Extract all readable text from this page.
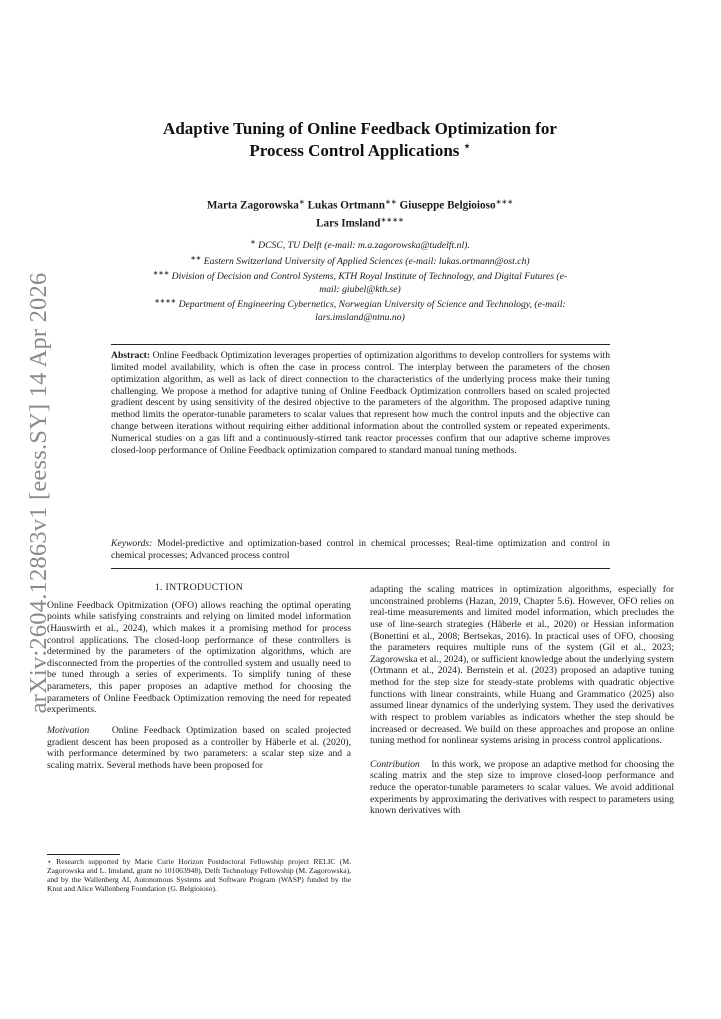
arXiv:2604.12863v1 [eess.SY] 14 Apr 2026
Adaptive Tuning of Online Feedback Optimization for Process Control Applications ⋆
Marta Zagorowska∗ Lukas Ortmann∗∗ Giuseppe Belgioioso∗∗∗
Lars Imsland∗∗∗∗

∗ DCSC, TU Delft (e-mail: m.a.zagorowska@tudelft.nl).

∗∗ Eastern Switzerland University of Applied Sciences (e-mail: lukas.ortmann@ost.ch)

∗∗∗ Division of Decision and Control Systems, KTH Royal Institute of Technology, and Digital Futures (e-mail: giubel@kth.se)

∗∗∗∗ Department of Engineering Cybernetics, Norwegian University of Science and Technology, (e-mail: lars.imsland@ntnu.no)

Abstract: Online Feedback Optimization leverages properties of optimization algorithms to develop controllers for systems with limited model availability, which is often the case in process control. The interplay between the parameters of the chosen optimization algorithm, as well as lack of direct connection to the characteristics of the underlying process make their tuning challenging. We propose a method for adaptive tuning of Online Feedback Optimization controllers based on scaled projected gradient descent by using sensitivity of the desired objective to the parameters of the algorithm. The proposed adaptive tuning method limits the operator-tunable parameters to scalar values that represent how much the control inputs and the objective can change between iterations without requiring either additional information about the controlled system or repeated experiments. Numerical studies on a gas lift and a continuously-stirred tank reactor processes confirm that our adaptive scheme improves closed-loop performance of Online Feedback optimization compared to standard manual tuning methods.
Keywords: Model-predictive and optimization-based control in chemical processes; Real-time optimization and control in chemical processes; Advanced process control

1. INTRODUCTION

Online Feedback Opitmization (OFO) allows reaching the optimal operating points while satisfying constraints and relying on limited model information (Hauswirth et al., 2024), which makes it a promising method for process control applications. The closed-loop performance of these controllers is determined by the parameters of the optimization algorithms, which are disconnected from the properties of the controlled system and usually need to be tuned through a series of experiments. To simplify tuning of these parameters, this paper proposes an adaptive method for choosing the parameters of Online Feedback Optimization removing the need for repeated experiments.

Motivation Online Feedback Optimization based on scaled projected gradient descent has been proposed as a controller by Häberle et al. (2020), with performance determined by two parameters: a scalar step size and a scaling matrix. Several methods have been proposed for

⋆ Research supported by Marie Curie Horizon Postdoctoral Fellowship project RELIC (M. Zagorowska and L. Imsland, grant no 101063948), Delft Technology Fellowship (M. Zagorowska), and by the Wallenberg AI, Autonomous Systems and Software Program (WASP) funded by the Knut and Alice Wallenberg Foundation (G. Belgioioso).

adapting the scaling matrices in optimization algorithms, especially for unconstrained problems (Hazan, 2019, Chapter 5.6). However, OFO relies on real-time measurements and limited model information, which precludes the use of line-search strategies (Häberle et al., 2020) or Hessian information (Bonettini et al., 2008; Bertsekas, 2016). In practical uses of OFO, choosing the parameters requires multiple runs of the system (Gil et al., 2023; Zagorowska et al., 2024), or sufficient knowledge about the underlying system (Ortmann et al., 2024). Bernstein et al. (2023) proposed an adaptive tuning method for the step size for steady-state problems with quadratic objective functions with linear constraints, while Huang and Grammatico (2025) also assumed linear dynamics of the underlying system. They used the derivatives with respect to problem variables as indicators whether the step should be increased or decreased. We build on these approaches and propose an online tuning method for nonlinear systems arising in process control applications.

Contribution In this work, we propose an adaptive method for choosing the scaling matrix and the step size to improve closed-loop performance and reduce the operator-tunable parameters to scalar values. We avoid additional experiments by approximating the derivatives with respect to parameters using known derivatives with
